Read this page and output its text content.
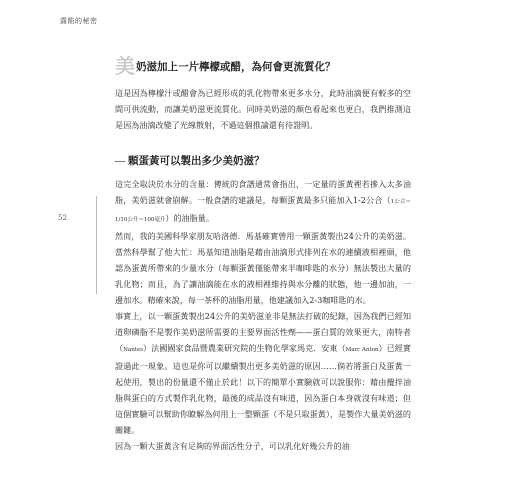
露餡的秘密
52
美奶滋加上一片檸檬或醋，為何會更流質化？

這是因為檸檬汁或醋會為已經形成的乳化物帶來更多水分，此時油滴便有較多的空間可供流動，而讓美奶滋更流質化。同時美奶滋的顏色看起來也更白，我們推測這是因為油滴改變了光線散射，不過這個推論還有待證明。

顆蛋黃可以製出多少美奶滋？

這完全取決於水分的含量：傳統的食譜通常會指出，一定量的蛋黃裡若摻入太多油脂，美奶滋就會崩解。一般食譜的建議是，每顆蛋黃最多只能加入1-2公合（1公合＝1/10公升＝100毫升）的油脂量。

然而，我的美國科學家朋友哈洛德．馬基確實曾用一顆蛋黃製出24公升的美奶滋。當然科學幫了他大忙：馬基知道油脂是藉由油滴形式排列在水的連續液相裡頭，他認為蛋黃所帶來的少量水分（每顆蛋黃僅能帶來半咖啡匙的水分）無法製出大量的乳化物；而且，為了讓油滴能在水的液相裡維持與水分離的狀態，他一邊加油，一邊加水。精確來說，每一茶杯的油脂用量，他建議加入2-3咖啡匙的水。

事實上，以一顆蛋黃製出24公升的美奶滋並非是無法打破的紀錄，因為我們已經知道卵磷脂不是製作美奶滋所需要的主要界面活性劑——蛋白質的效果更大，南特者（Nantes）法國國家食品暨農業研究院的生物化學家馬克．安東（Marc Anton）已經實證過此一現象。這也是你可以繼續製出更多美奶滋的原因……倘若將蛋白及蛋黃一起使用，製出的份量還不僅止於此！以下的簡單小實驗就可以說服你：藉由攪拌油脂與蛋白的方式製作乳化物，最後的成品沒有味道，因為蛋白本身就沒有味道；但這個實驗可以幫助你瞭解為何用上一整顆蛋（不是只取蛋黃），是製作大量美奶滋的關鍵。

因為一顆大蛋黃含有足夠的界面活性分子，可以乳化好幾公升的油
